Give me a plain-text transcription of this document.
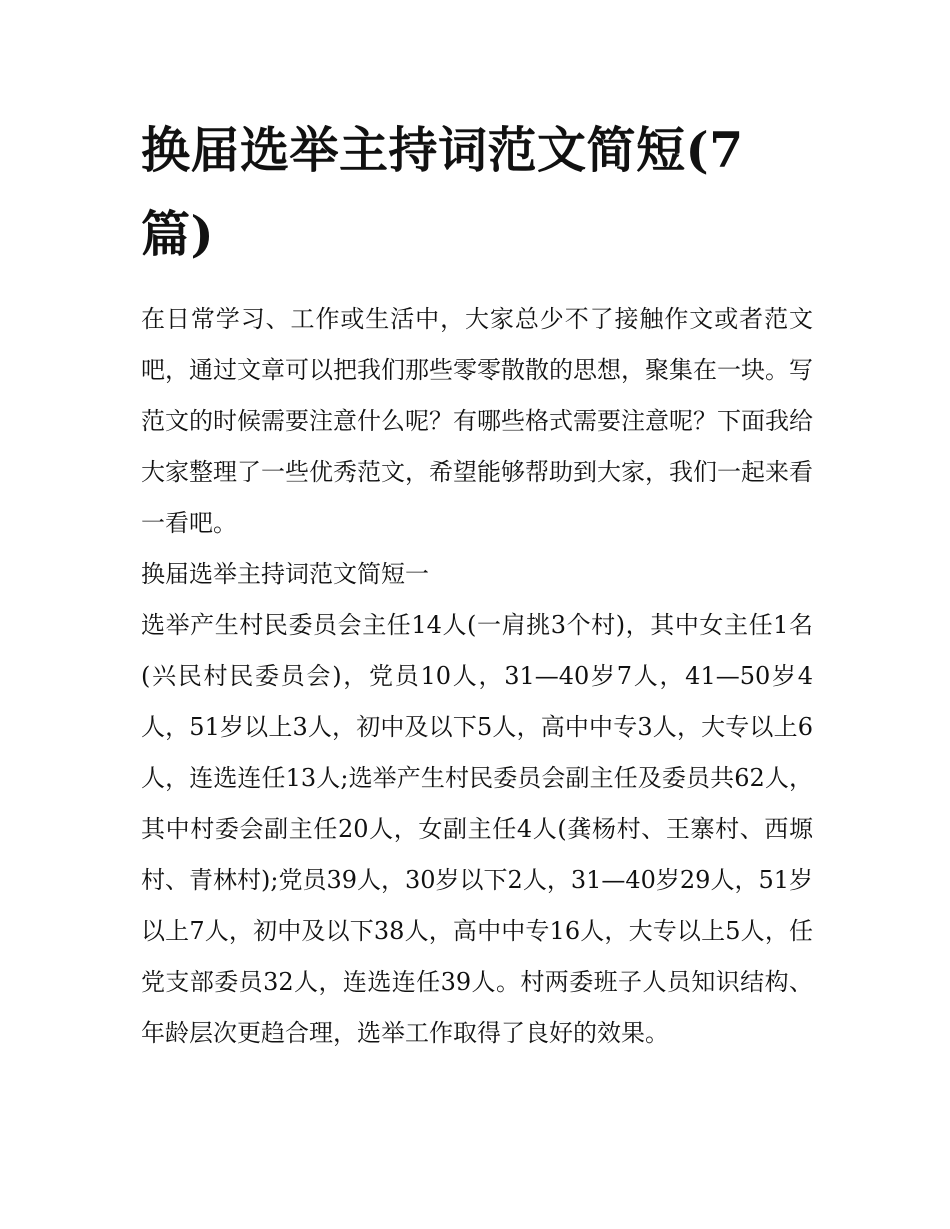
换届选举主持词范文简短(7篇)

在日常学习、工作或生活中，大家总少不了接触作文或者范文吧，通过文章可以把我们那些零零散散的思想，聚集在一块。写范文的时候需要注意什么呢？有哪些格式需要注意呢？下面我给大家整理了一些优秀范文，希望能够帮助到大家，我们一起来看一看吧。

换届选举主持词范文简短一

选举产生村民委员会主任14人(一肩挑3个村)，其中女主任1名(兴民村民委员会)，党员10人，31—40岁7人，41—50岁4人，51岁以上3人，初中及以下5人，高中中专3人，大专以上6人，连选连任13人;选举产生村民委员会副主任及委员共62人，其中村委会副主任20人，女副主任4人(龚杨村、王寨村、西塬村、青林村);党员39人，30岁以下2人，31—40岁29人，51岁以上7人，初中及以下38人，高中中专16人，大专以上5人，任党支部委员32人，连选连任39人。村两委班子人员知识结构、年龄层次更趋合理，选举工作取得了良好的效果。
